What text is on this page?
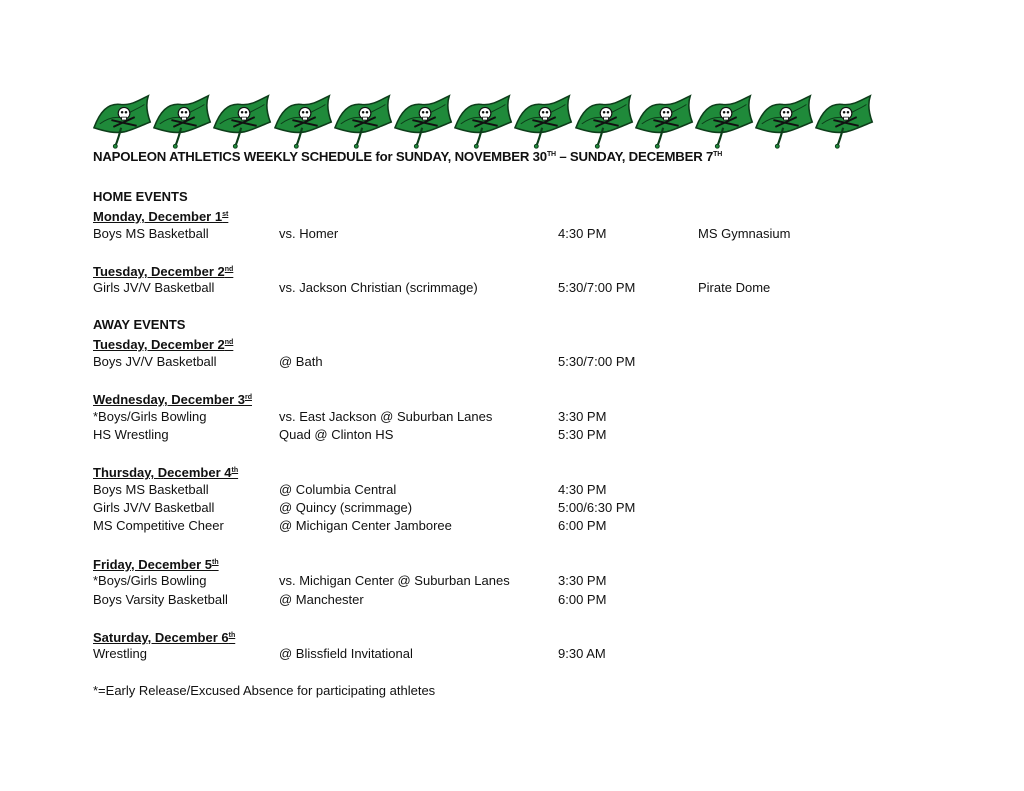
NAPOLEON ATHLETICS WEEKLY SCHEDULE for SUNDAY, NOVEMBER 30TH – SUNDAY, DECEMBER 7TH
HOME EVENTS
Monday, December 1st
Boys MS Basketball	vs. Homer	4:30 PM	MS Gymnasium
Tuesday, December 2nd
Girls JV/V Basketball	vs. Jackson Christian (scrimmage)	5:30/7:00 PM	Pirate Dome
AWAY EVENTS
Tuesday, December 2nd
Boys JV/V Basketball	@ Bath	5:30/7:00 PM
Wednesday, December 3rd
*Boys/Girls Bowling	vs. East Jackson @ Suburban Lanes	3:30 PM
HS Wrestling	Quad @ Clinton HS	5:30 PM
Thursday, December 4th
Boys MS Basketball	@ Columbia Central	4:30 PM
Girls JV/V Basketball	@ Quincy (scrimmage)	5:00/6:30 PM
MS Competitive Cheer	@ Michigan Center Jamboree	6:00 PM
Friday, December 5th
*Boys/Girls Bowling	vs. Michigan Center @ Suburban Lanes	3:30 PM
Boys Varsity Basketball	@ Manchester	6:00 PM
Saturday, December 6th
Wrestling	@ Blissfield Invitational	9:30 AM
*=Early Release/Excused Absence for participating athletes
